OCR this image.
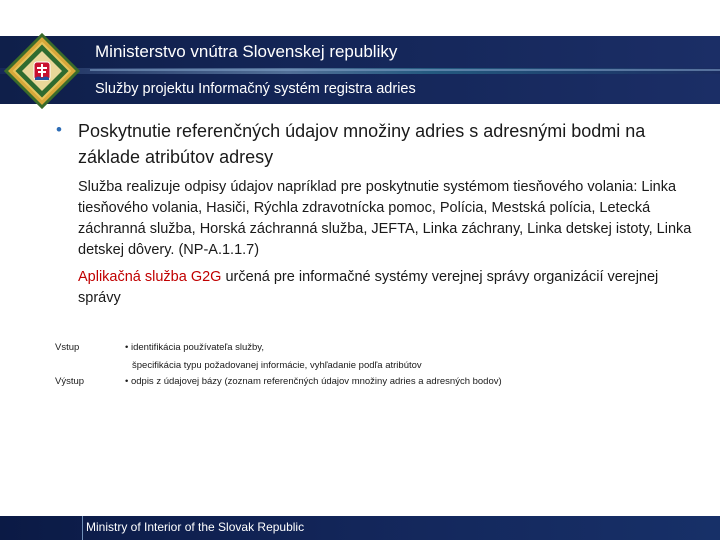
Ministerstvo vnútra Slovenskej republiky
Služby projektu Informačný systém registra adries
• Poskytnutie referenčných údajov množiny adries s adresnými bodmi na základe atribútov adresy
Služba realizuje odpisy údajov napríklad pre poskytnutie systémom tiesňového volania: Linka tiesňového volania, Hasiči, Rýchla zdravotnícka pomoc, Polícia, Mestská polícia, Letecká záchranná služba, Horská záchranná služba, JEFTA, Linka záchrany, Linka detskej istoty, Linka detskej dôvery. (NP-A.1.1.7)
Aplikačná služba G2G určená pre informačné systémy verejnej správy organizácií verejnej správy
Vstup	• identifikácia používateľa služby,
špecifikácia typu požadovanej informácie, vyhľadanie podľa atribútov
Výstup	• odpis z údajovej bázy (zoznam referenčných údajov množiny adries a adresných bodov)
Ministry of Interior of the Slovak Republic
